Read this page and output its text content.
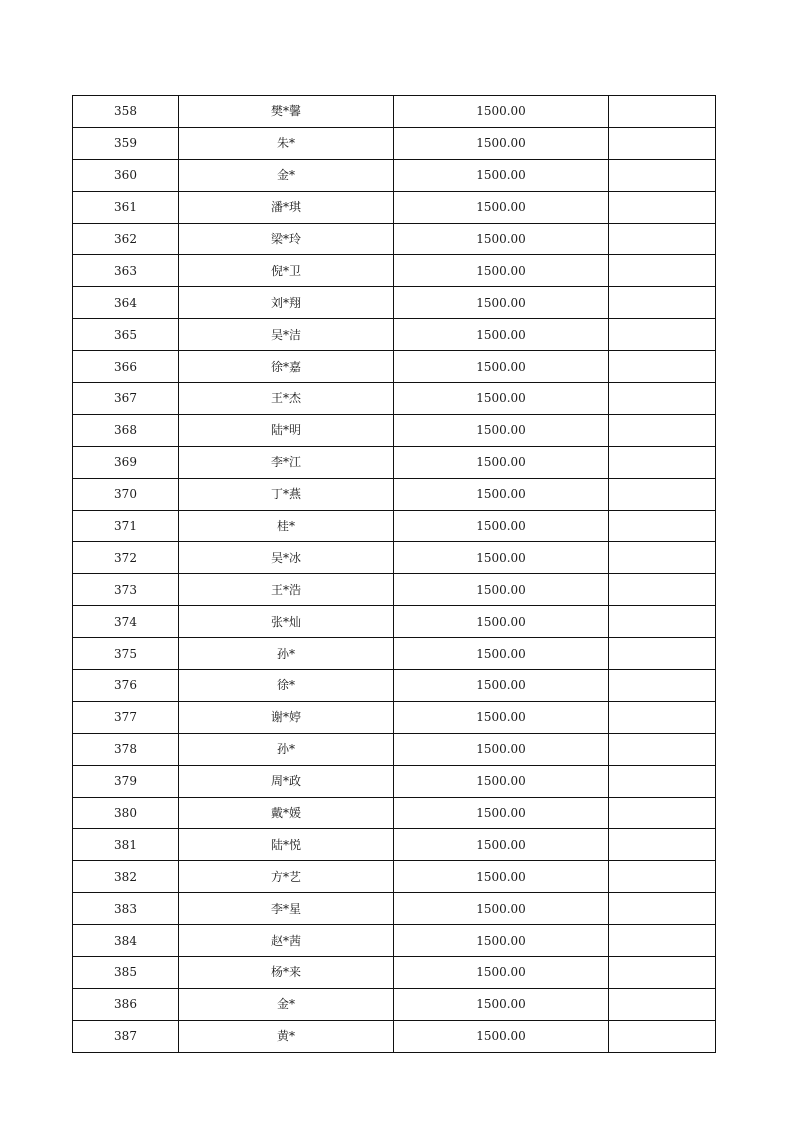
358	樊*馨	1500.00	
359	朱*	1500.00	
360	金*	1500.00	
361	潘*琪	1500.00	
362	梁*玲	1500.00	
363	倪*卫	1500.00	
364	刘*翔	1500.00	
365	吴*洁	1500.00	
366	徐*嘉	1500.00	
367	王*杰	1500.00	
368	陆*明	1500.00	
369	李*江	1500.00	
370	丁*燕	1500.00	
371	桂*	1500.00	
372	吴*冰	1500.00	
373	王*浩	1500.00	
374	张*灿	1500.00	
375	孙*	1500.00	
376	徐*	1500.00	
377	谢*婷	1500.00	
378	孙*	1500.00	
379	周*政	1500.00	
380	戴*媛	1500.00	
381	陆*悦	1500.00	
382	方*艺	1500.00	
383	李*星	1500.00	
384	赵*茜	1500.00	
385	杨*来	1500.00	
386	金*	1500.00	
387	黄*	1500.00	
